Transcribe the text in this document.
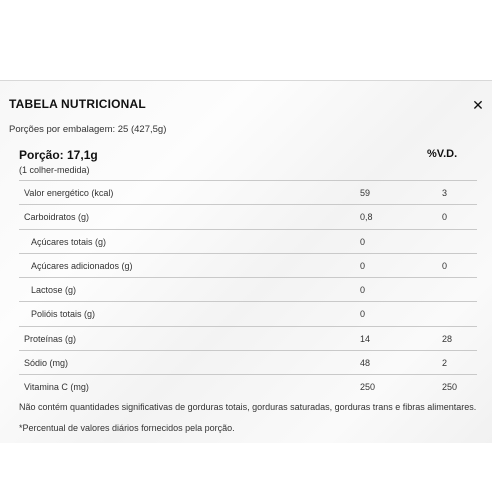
TABELA NUTRICIONAL	✕
Porções por embalagem: 25 (427,5g)
Porção: 17,1g
(1 colher-medida)
%V.D.
Valor energético (kcal)	59	3
Carboidratos (g)	0,8	0
Açúcares totais (g)	0
Açúcares adicionados (g)	0	0
Lactose (g)	0
Polióis totais (g)	0
Proteínas (g)	14	28
Sódio (mg)	48	2
Vitamina C (mg)	250	250
Não contém quantidades significativas de gorduras totais, gorduras saturadas, gorduras trans e fibras alimentares.
*Percentual de valores diários fornecidos pela porção.
